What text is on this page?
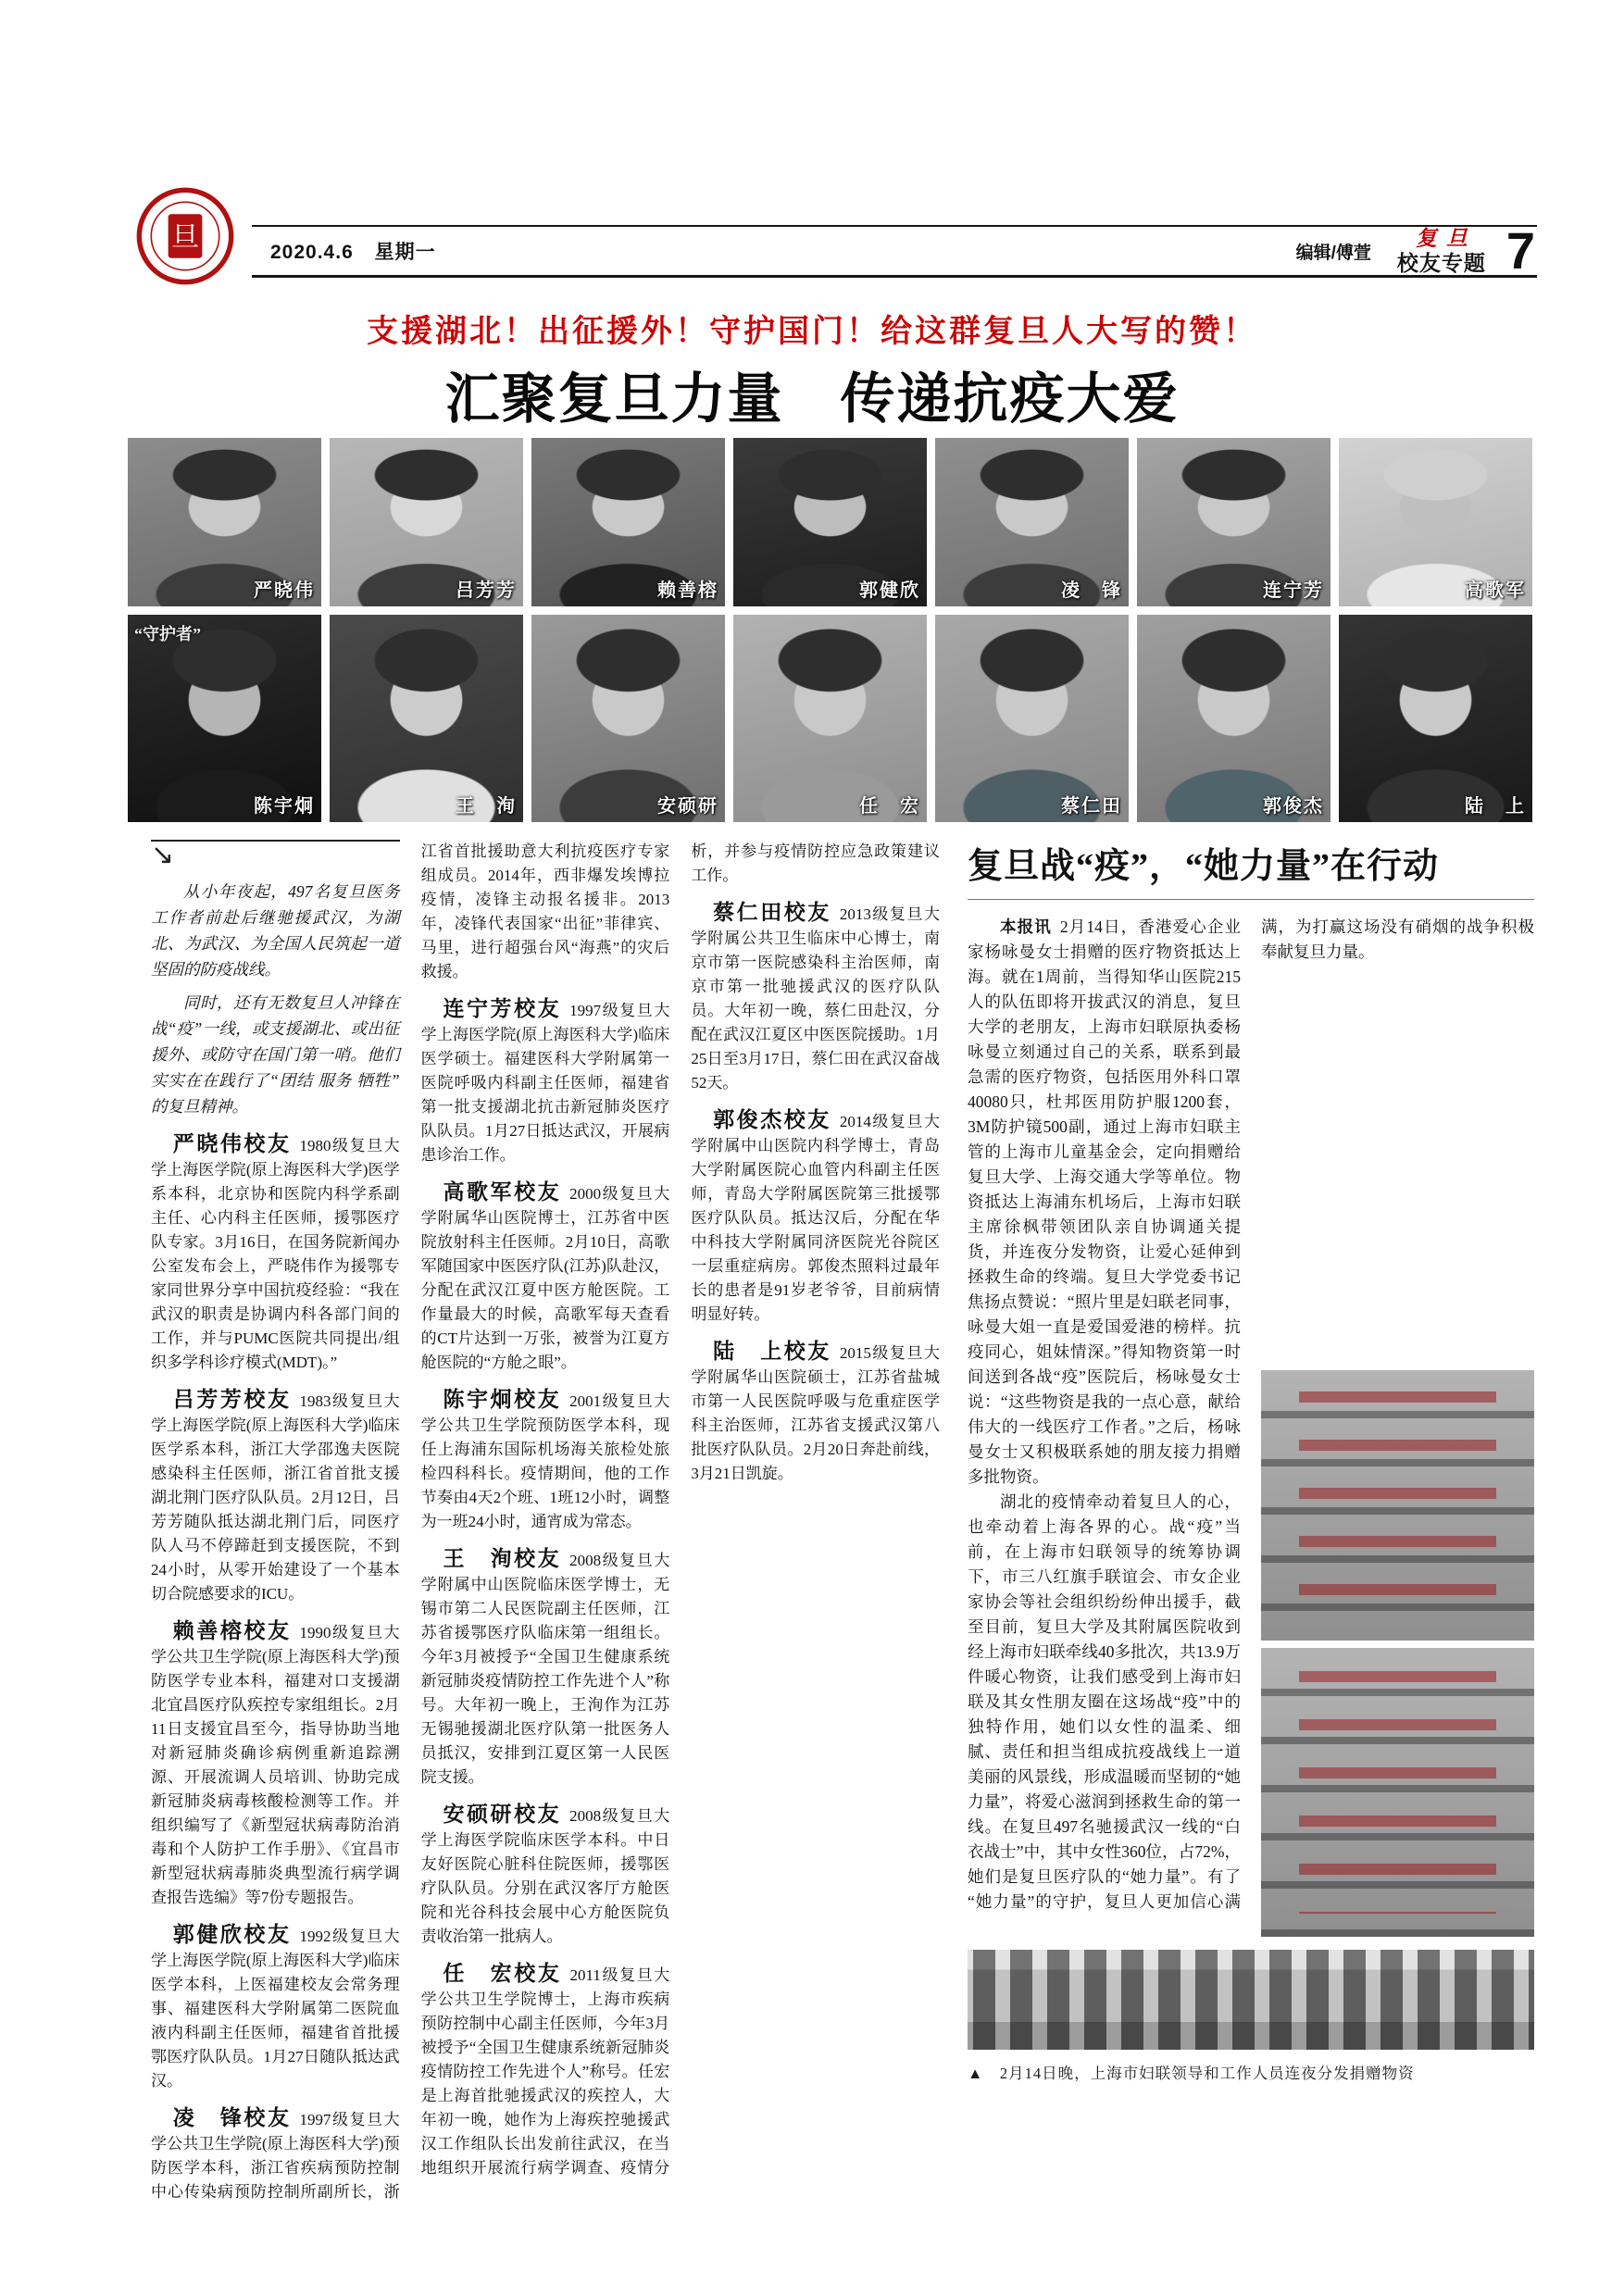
旦	2020.4.6 星期一	编辑/傅萱
复旦
校友专题 7
支援湖北！出征援外！守护国门！给这群复旦人大写的赞！
汇聚复旦力量　传递抗疫大爱
严晓伟	吕芳芳	赖善榕	郭健欣	凌　锋	连宁芳	高歌军
“守护者”
陈宇炯	王　洵	安硕研	任　宏	蔡仁田	郭俊杰	陆　上
↘

从小年夜起，497名复旦医务工作者前赴后继驰援武汉，为湖北、为武汉、为全国人民筑起一道坚固的防疫战线。

同时，还有无数复旦人冲锋在战“疫”一线，或支援湖北、或出征援外、或防守在国门第一哨。他们实实在在践行了“团结 服务 牺牲”的复旦精神。

严晓伟校友 1980级复旦大学上海医学院(原上海医科大学)医学系本科，北京协和医院内科学系副主任、心内科主任医师，援鄂医疗队专家。3月16日，在国务院新闻办公室发布会上，严晓伟作为援鄂专家同世界分享中国抗疫经验：“我在武汉的职责是协调内科各部门间的工作，并与PUMC医院共同提出/组织多学科诊疗模式(MDT)。”

吕芳芳校友 1983级复旦大学上海医学院(原上海医科大学)临床医学系本科，浙江大学邵逸夫医院感染科主任医师，浙江省首批支援湖北荆门医疗队队员。2月12日，吕芳芳随队抵达湖北荆门后，同医疗队人马不停蹄赶到支援医院，不到24小时，从零开始建设了一个基本切合院感要求的ICU。

赖善榕校友 1990级复旦大学公共卫生学院(原上海医科大学)预防医学专业本科，福建对口支援湖北宜昌医疗队疾控专家组组长。2月11日支援宜昌至今，指导协助当地对新冠肺炎确诊病例重新追踪溯源、开展流调人员培训、协助完成新冠肺炎病毒核酸检测等工作。并组织编写了《新型冠状病毒防治消毒和个人防护工作手册》、《宜昌市新型冠状病毒肺炎典型流行病学调查报告选编》等7份专题报告。

郭健欣校友 1992级复旦大学上海医学院(原上海医科大学)临床医学本科，上医福建校友会常务理事、福建医科大学附属第二医院血液内科副主任医师，福建省首批援鄂医疗队队员。1月27日随队抵达武汉。

凌　锋校友 1997级复旦大学公共卫生学院(原上海医科大学)预防医学本科，浙江省疾病预防控制中心传染病预防控制所副所长，浙江省首批援助意大利抗疫医疗专家组成员。2014年，西非爆发埃博拉疫情，凌锋主动报名援非。2013年，凌锋代表国家“出征”菲律宾、马里，进行超强台风“海燕”的灾后救援。

连宁芳校友 1997级复旦大学上海医学院(原上海医科大学)临床医学硕士。福建医科大学附属第一医院呼吸内科副主任医师，福建省第一批支援湖北抗击新冠肺炎医疗队队员。1月27日抵达武汉，开展病患诊治工作。

高歌军校友 2000级复旦大学附属华山医院博士，江苏省中医院放射科主任医师。2月10日，高歌军随国家中医医疗队(江苏)队赴汉，分配在武汉江夏中医方舱医院。工作量最大的时候，高歌军每天查看的CT片达到一万张，被誉为江夏方舱医院的“方舱之眼”。

陈宇炯校友 2001级复旦大学公共卫生学院预防医学本科，现任上海浦东国际机场海关旅检处旅检四科科长。疫情期间，他的工作节奏由4天2个班、1班12小时，调整为一班24小时，通宵成为常态。

王　洵校友 2008级复旦大学附属中山医院临床医学博士，无锡市第二人民医院副主任医师，江苏省援鄂医疗队临床第一组组长。今年3月被授予“全国卫生健康系统新冠肺炎疫情防控工作先进个人”称号。大年初一晚上，王洵作为江苏无锡驰援湖北医疗队第一批医务人员抵汉，安排到江夏区第一人民医院支援。

安硕研校友 2008级复旦大学上海医学院临床医学本科。中日友好医院心脏科住院医师，援鄂医疗队队员。分别在武汉客厅方舱医院和光谷科技会展中心方舱医院负责收治第一批病人。

任　宏校友 2011级复旦大学公共卫生学院博士，上海市疾病预防控制中心副主任医师，今年3月被授予“全国卫生健康系统新冠肺炎疫情防控工作先进个人”称号。任宏是上海首批驰援武汉的疾控人，大年初一晚，她作为上海疾控驰援武汉工作组队长出发前往武汉，在当地组织开展流行病学调查、疫情分析，并参与疫情防控应急政策建议工作。

蔡仁田校友 2013级复旦大学附属公共卫生临床中心博士，南京市第一医院感染科主治医师，南京市第一批驰援武汉的医疗队队员。大年初一晚，蔡仁田赴汉，分配在武汉江夏区中医医院援助。1月25日至3月17日，蔡仁田在武汉奋战52天。

郭俊杰校友 2014级复旦大学附属中山医院内科学博士，青岛大学附属医院心血管内科副主任医师，青岛大学附属医院第三批援鄂医疗队队员。抵达汉后，分配在华中科技大学附属同济医院光谷院区一层重症病房。郭俊杰照料过最年长的患者是91岁老爷爷，目前病情明显好转。

陆　上校友 2015级复旦大学附属华山医院硕士，江苏省盐城市第一人民医院呼吸与危重症医学科主治医师，江苏省支援武汉第八批医疗队队员。2月20日奔赴前线，3月21日凯旋。

复旦战“疫”，“她力量”在行动

本报讯 2月14日，香港爱心企业家杨咏曼女士捐赠的医疗物资抵达上海。就在1周前，当得知华山医院215人的队伍即将开拔武汉的消息，复旦大学的老朋友，上海市妇联原执委杨咏曼立刻通过自己的关系，联系到最急需的医疗物资，包括医用外科口罩40080只，杜邦医用防护服1200套，3M防护镜500副，通过上海市妇联主管的上海市儿童基金会，定向捐赠给复旦大学、上海交通大学等单位。物资抵达上海浦东机场后，上海市妇联主席徐枫带领团队亲自协调通关提货，并连夜分发物资，让爱心延伸到拯救生命的终端。复旦大学党委书记焦扬点赞说：“照片里是妇联老同事，咏曼大姐一直是爱国爱港的榜样。抗疫同心，姐妹情深。”得知物资第一时间送到各战“疫”医院后，杨咏曼女士说：“这些物资是我的一点心意，献给伟大的一线医疗工作者。”之后，杨咏曼女士又积极联系她的朋友接力捐赠多批物资。

湖北的疫情牵动着复旦人的心，也牵动着上海各界的心。战“疫”当前，在上海市妇联领导的统筹协调下，市三八红旗手联谊会、市女企业家协会等社会组织纷纷伸出援手，截至目前，复旦大学及其附属医院收到经上海市妇联牵线40多批次，共13.9万件暖心物资，让我们感受到上海市妇联及其女性朋友圈在这场战“疫”中的独特作用，她们以女性的温柔、细腻、责任和担当组成抗疫战线上一道美丽的风景线，形成温暖而坚韧的“她力量”，将爱心滋润到拯救生命的第一线。在复旦497名驰援武汉一线的“白衣战士”中，其中女性360位，占72%，她们是复旦医疗队的“她力量”。有了“她力量”的守护，复旦人更加信心满满，为打赢这场没有硝烟的战争积极奉献复旦力量。

▲　2月14日晚，上海市妇联领导和工作人员连夜分发捐赠物资
